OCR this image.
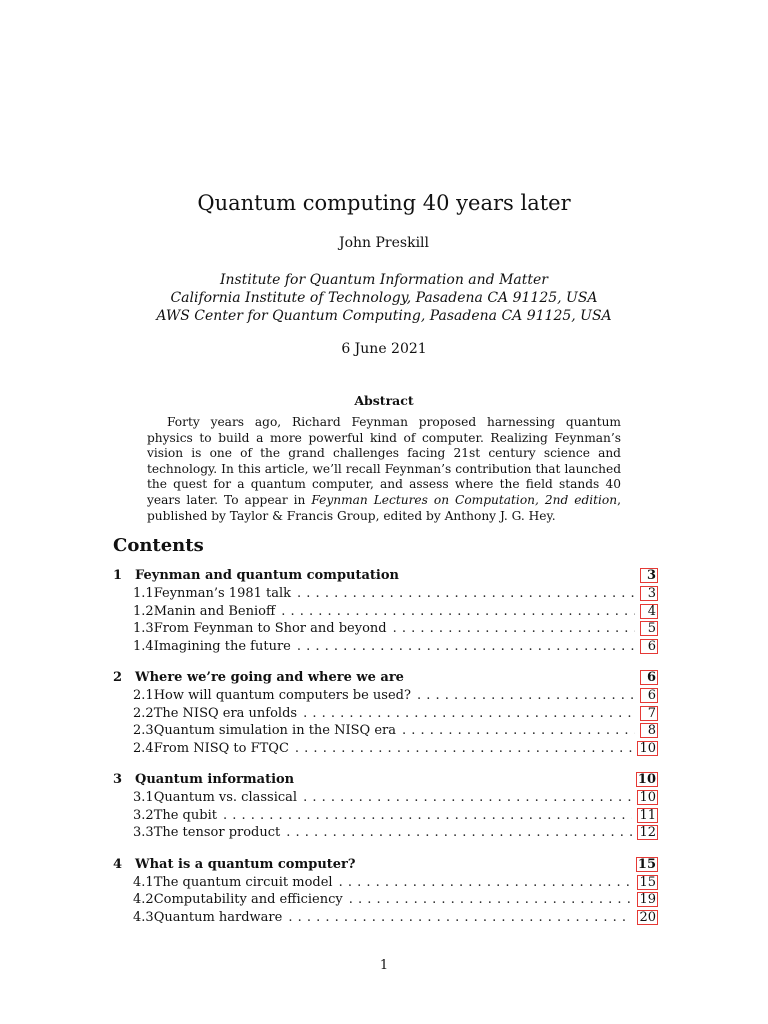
Quantum computing 40 years later
John Preskill
Institute for Quantum Information and Matter
California Institute of Technology, Pasadena CA 91125, USA
AWS Center for Quantum Computing, Pasadena CA 91125, USA
6 June 2021
Abstract
Forty years ago, Richard Feynman proposed harnessing quantum physics to build a more powerful kind of computer. Realizing Feynman’s vision is one of the grand challenges facing 21st century science and technology. In this article, we’ll recall Feynman’s contribution that launched the quest for a quantum computer, and assess where the field stands 40 years later. To appear in Feynman Lectures on Computation, 2nd edition, published by Taylor & Francis Group, edited by Anthony J. G. Hey.
Contents
1 Feynman and quantum computation	3
1.1 Feynman’s 1981 talk . . .	3
1.2 Manin and Benioff . . .	4
1.3 From Feynman to Shor and beyond . . .	5
1.4 Imagining the future . . .	6
2 Where we’re going and where we are	6
2.1 How will quantum computers be used? . . .	6
2.2 The NISQ era unfolds . . .	7
2.3 Quantum simulation in the NISQ era . . .	8
2.4 From NISQ to FTQC . . .	10
3 Quantum information	10
3.1 Quantum vs. classical . . .	10
3.2 The qubit . . .	11
3.3 The tensor product . . .	12
4 What is a quantum computer?	15
4.1 The quantum circuit model . . .	15
4.2 Computability and efficiency . . .	19
4.3 Quantum hardware . . .	20
1
